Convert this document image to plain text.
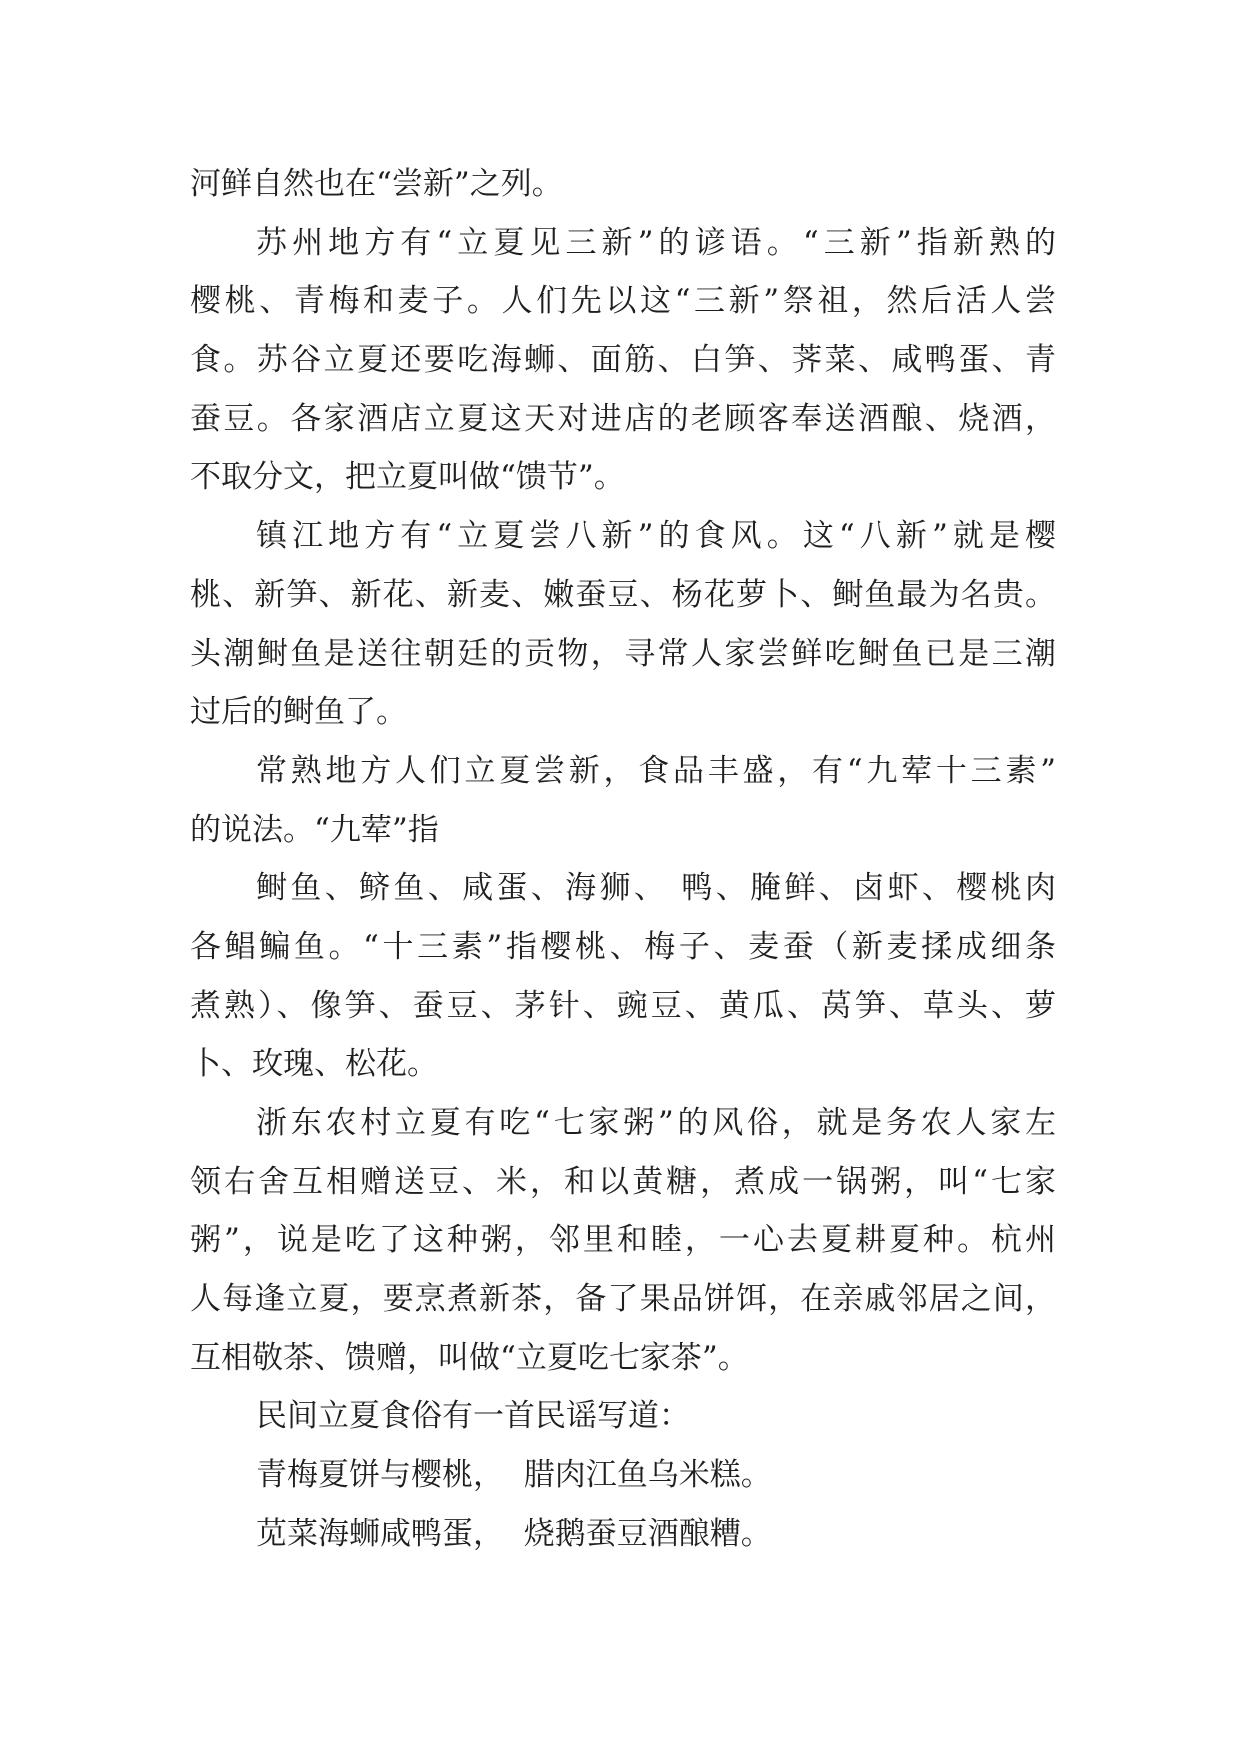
河鲜自然也在“尝新”之列。
苏州地方有“立夏见三新”的谚语。“三新”指新熟的
樱桃、青梅和麦子。人们先以这“三新”祭祖，然后活人尝
食。苏谷立夏还要吃海蛳、面筋、白笋、荠菜、咸鸭蛋、青
蚕豆。各家酒店立夏这天对进店的老顾客奉送酒酿、烧酒，
不取分文，把立夏叫做“馈节”。
镇江地方有“立夏尝八新”的食风。这“八新”就是樱
桃、新笋、新花、新麦、嫩蚕豆、杨花萝卜、鲥鱼最为名贵。
头潮鲥鱼是送往朝廷的贡物，寻常人家尝鲜吃鲥鱼已是三潮
过后的鲥鱼了。
常熟地方人们立夏尝新，食品丰盛，有“九荤十三素”
的说法。“九荤”指
鲥鱼、鲚鱼、咸蛋、海狮、 鸭、腌鲜、卤虾、樱桃肉
各鲳鳊鱼。“十三素”指樱桃、梅子、麦蚕（新麦揉成细条
煮熟）、像笋、蚕豆、茅针、豌豆、黄瓜、莴笋、草头、萝
卜、玫瑰、松花。
浙东农村立夏有吃“七家粥”的风俗，就是务农人家左
领右舍互相赠送豆、米，和以黄糖，煮成一锅粥，叫“七家
粥”，说是吃了这种粥，邻里和睦，一心去夏耕夏种。杭州
人每逢立夏，要烹煮新茶，备了果品饼饵，在亲戚邻居之间，
互相敬茶、馈赠，叫做“立夏吃七家茶”。
民间立夏食俗有一首民谣写道：
青梅夏饼与樱桃，  腊肉江鱼乌米糕。
苋菜海蛳咸鸭蛋，  烧鹅蚕豆酒酿糟。
